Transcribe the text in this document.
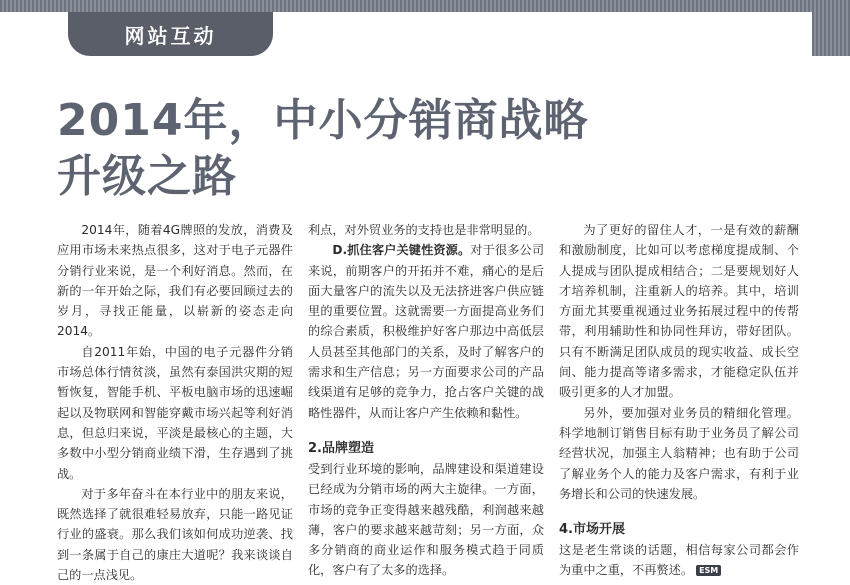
网站互动
2014年，中小分销商战略
升级之路

2014年，随着4G牌照的发放，消费及应用市场未来热点很多，这对于电子元器件分销行业来说，是一个利好消息。然而，在新的一年开始之际，我们有必要回顾过去的岁月，寻找正能量，以崭新的姿态走向2014。

自2011年始，中国的电子元器件分销市场总体行情贫淡，虽然有泰国洪灾期的短暂恢复，智能手机、平板电脑市场的迅速崛起以及物联网和智能穿戴市场兴起等利好消息，但总归来说，平淡是最核心的主题，大多数中小型分销商业绩下滑，生存遇到了挑战。

对于多年奋斗在本行业中的朋友来说，既然选择了就很难轻易放弃，只能一路见证行业的盛衰。那么我们该如何成功逆袭、找到一条属于自己的康庄大道呢？我来谈谈自己的一点浅见。

利点，对外贸业务的支持也是非常明显的。

D.抓住客户关键性资源。对于很多公司来说，前期客户的开拓并不难，痛心的是后面大量客户的流失以及无法挤进客户供应链里的重要位置。这就需要一方面提高业务们的综合素质，积极维护好客户那边中高低层人员甚至其他部门的关系，及时了解客户的需求和生产信息；另一方面要求公司的产品线渠道有足够的竞争力，抢占客户关键的战略性器件，从而让客户产生依赖和黏性。

2.品牌塑造

受到行业环境的影响，品牌建设和渠道建设已经成为分销市场的两大主旋律。一方面，市场的竞争正变得越来越残酷，利润越来越薄，客户的要求越来越苛刻；另一方面，众多分销商的商业运作和服务模式趋于同质化，客户有了太多的选择。

为了更好的留住人才，一是有效的薪酬和激励制度，比如可以考虑梯度提成制、个人提成与团队提成相结合；二是要规划好人才培养机制，注重新人的培养。其中，培训方面尤其要重视通过业务拓展过程中的传帮带，利用辅助性和协同性拜访，带好团队。只有不断满足团队成员的现实收益、成长空间、能力提高等诸多需求，才能稳定队伍并吸引更多的人才加盟。

另外，要加强对业务员的精细化管理。科学地制订销售目标有助于业务员了解公司经营状况，加强主人翁精神；也有助于公司了解业务个人的能力及客户需求，有利于业务增长和公司的快速发展。

4.市场开展

这是老生常谈的话题，相信每家公司都会作为重中之重，不再赘述。 ESM
